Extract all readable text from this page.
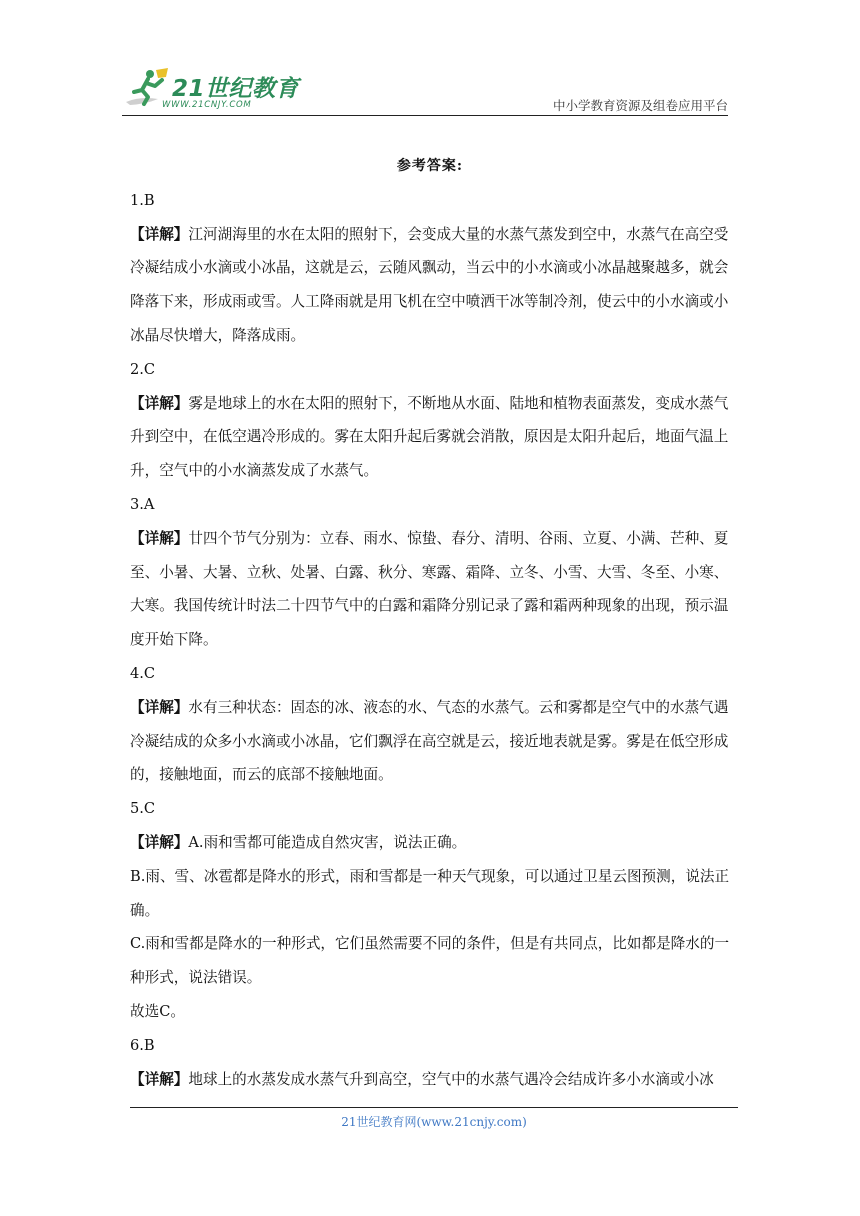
21世纪教育
WWW.21CNJY.COM	中小学教育资源及组卷应用平台

参考答案:

1.B

【详解】江河湖海里的水在太阳的照射下，会变成大量的水蒸气蒸发到空中，水蒸气在高空受冷凝结成小水滴或小冰晶，这就是云，云随风飘动，当云中的小水滴或小冰晶越聚越多，就会降落下来，形成雨或雪。人工降雨就是用飞机在空中喷洒干冰等制冷剂，使云中的小水滴或小冰晶尽快增大，降落成雨。

2.C

【详解】雾是地球上的水在太阳的照射下，不断地从水面、陆地和植物表面蒸发，变成水蒸气升到空中，在低空遇冷形成的。雾在太阳升起后雾就会消散，原因是太阳升起后，地面气温上升，空气中的小水滴蒸发成了水蒸气。

3.A

【详解】廿四个节气分别为：立春、雨水、惊蛰、春分、清明、谷雨、立夏、小满、芒种、夏至、小暑、大暑、立秋、处暑、白露、秋分、寒露、霜降、立冬、小雪、大雪、冬至、小寒、大寒。我国传统计时法二十四节气中的白露和霜降分别记录了露和霜两种现象的出现，预示温度开始下降。

4.C

【详解】水有三种状态：固态的冰、液态的水、气态的水蒸气。云和雾都是空气中的水蒸气遇冷凝结成的众多小水滴或小冰晶，它们飘浮在高空就是云，接近地表就是雾。雾是在低空形成的，接触地面，而云的底部不接触地面。

5.C

【详解】A.雨和雪都可能造成自然灾害，说法正确。

B.雨、雪、冰雹都是降水的形式，雨和雪都是一种天气现象，可以通过卫星云图预测，说法正确。

C.雨和雪都是降水的一种形式，它们虽然需要不同的条件，但是有共同点，比如都是降水的一种形式，说法错误。

故选C。

6.B

【详解】地球上的水蒸发成水蒸气升到高空，空气中的水蒸气遇冷会结成许多小水滴或小冰

21世纪教育网(www.21cnjy.com)
